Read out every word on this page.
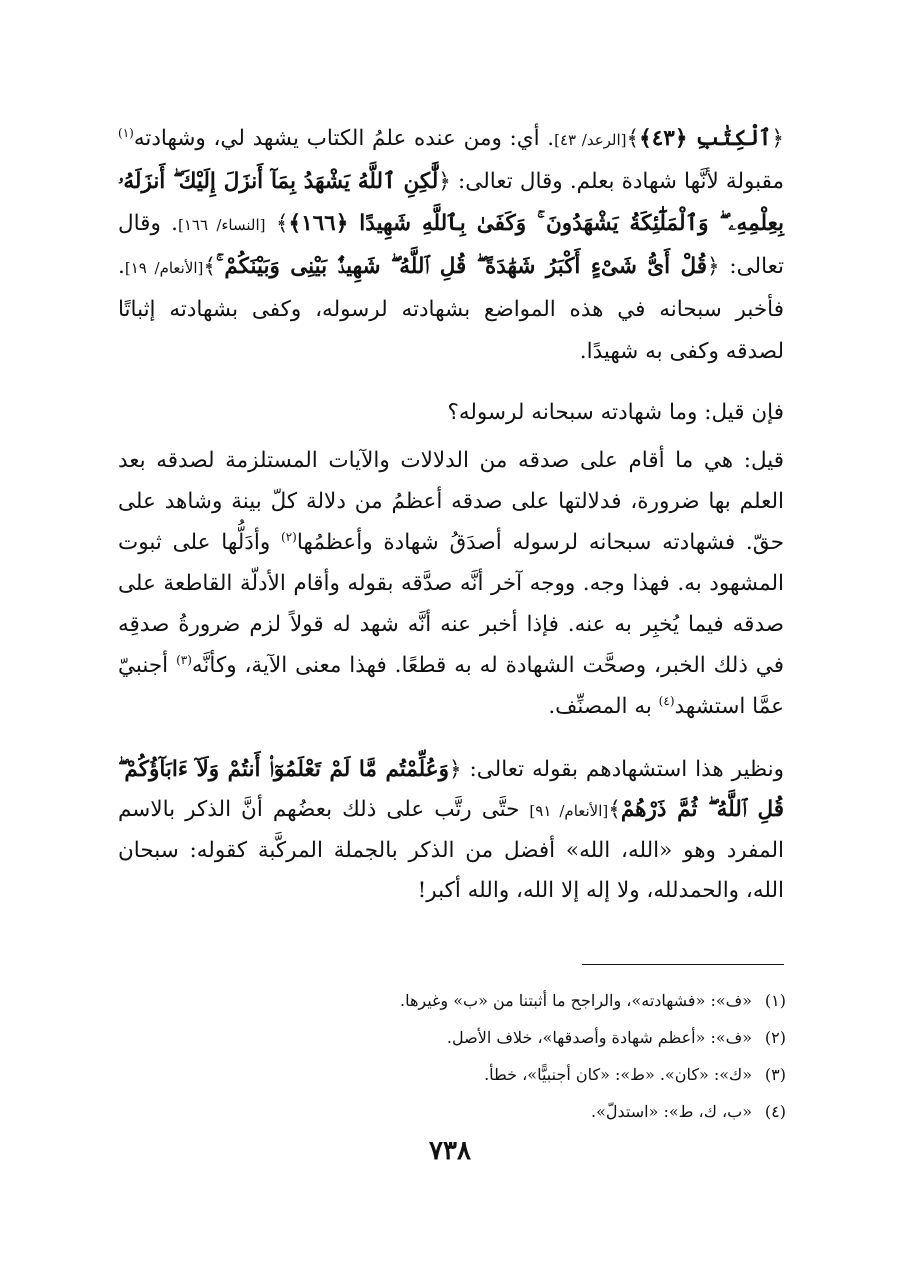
﴿ٱلْكِتَٰبِ ﴿٤٣﴾﴾[الرعد/ ٤٣]. أي: ومن عنده علمُ الكتاب يشهد لي، وشهادته$^{(١)}$ مقبولة لأنَّها شهادة بعلم. وقال تعالى: ﴿لَّٰكِنِ ٱللَّهُ يَشْهَدُ بِمَآ أَنزَلَ إِلَيْكَ ۖ أَنزَلَهُۥ بِعِلْمِهِۦ ۖ وَٱلْمَلَٰٓئِكَةُ يَشْهَدُونَ ۚ وَكَفَىٰ بِٱللَّهِ شَهِيدًا ﴿١٦٦﴾﴾ [النساء/ ١٦٦]. وقال تعالى: ﴿قُلْ أَىُّ شَىْءٍ أَكْبَرُ شَهَٰدَةً ۖ قُلِ ٱللَّهُ ۖ شَهِيدٌۢ بَيْنِى وَبَيْنَكُمْ ۚ﴾[الأنعام/ ١٩]. فأخبر سبحانه في هذه المواضع بشهادته لرسوله، وكفى بشهادته إثباتًا لصدقه وكفى به شهيدًا.

فإن قيل: وما شهادته سبحانه لرسوله؟

قيل: هي ما أقام على صدقه من الدلالات والآيات المستلزمة لصدقه بعد العلم بها ضرورة، فدلالتها على صدقه أعظمُ من دلالة كلّ بينة وشاهد على حقّ. فشهادته سبحانه لرسوله أصدَقُ شهادة وأعظمُها$^{(٢)}$ وأدَلُّها على ثبوت المشهود به. فهذا وجه. ووجه آخر أنَّه صدَّقه بقوله وأقام الأدلّة القاطعة على صدقه فيما يُخبِر به عنه. فإذا أخبر عنه أنَّه شهد له قولاً لزم ضرورةُ صدقِه في ذلك الخبر، وصحَّت الشهادة له به قطعًا. فهذا معنى الآية، وكأنَّه$^{(٣)}$ أجنبيّ عمَّا استشهد$^{(٤)}$ به المصنِّف.

ونظير هذا استشهادهم بقوله تعالى: ﴿وَعُلِّمْتُم مَّا لَمْ تَعْلَمُوٓا۟ أَنتُمْ وَلَآ ءَابَآؤُكُمْ ۖ قُلِ ٱللَّهُ ۖ ثُمَّ ذَرْهُمْ﴾[الأنعام/ ٩١] حتَّى رتَّب على ذلك بعضُهم أنَّ الذكر بالاسم المفرد وهو «الله، الله» أفضل من الذكر بالجملة المركَّبة كقوله: سبحان الله، والحمدلله، ولا إله إلا الله، والله أكبر!

(١)«ف»: «فشهادته»، والراجح ما أثبتنا من «ب» وغيرها.
(٢)«ف»: «أعظم شهادة وأصدقها»، خلاف الأصل.
(٣)«ك»: «كان». «ط»: «كان أجنبيًّا»، خطأ.
(٤)«ب، ك، ط»: «استدلّ».
٧٣٨
